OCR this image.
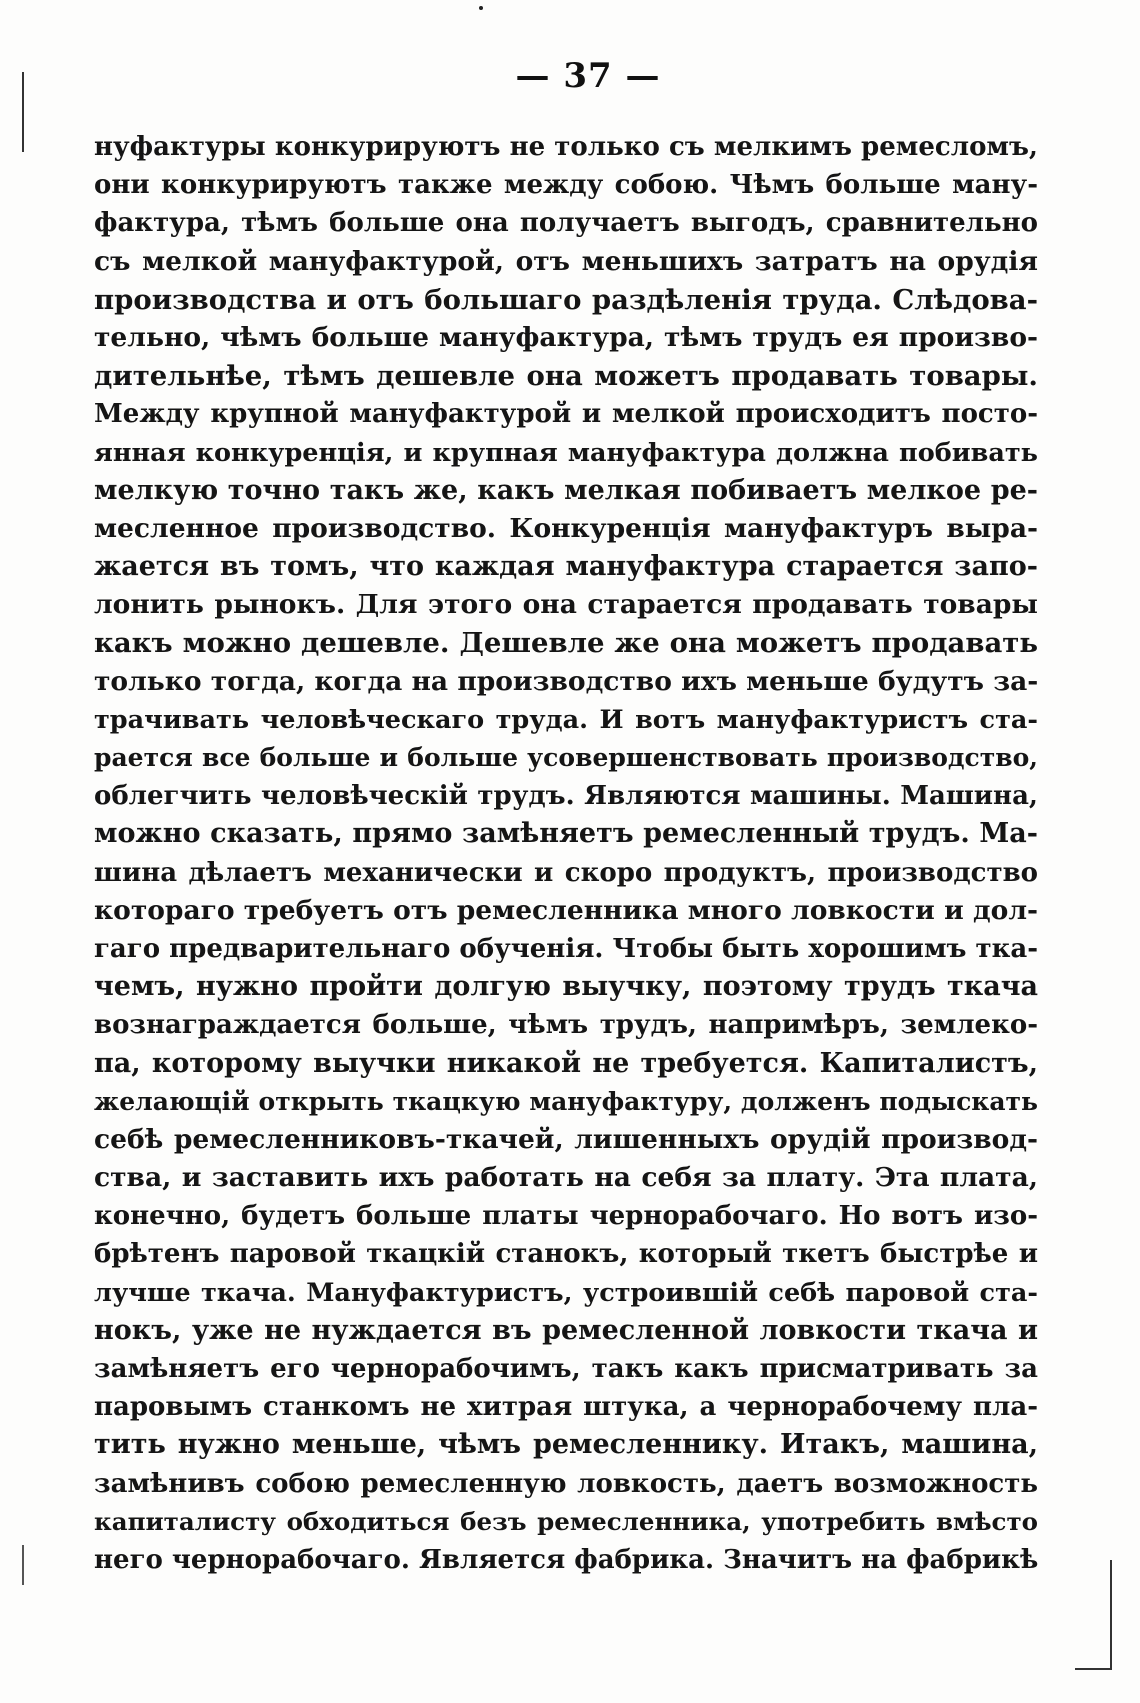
— 37 —
нуфактуры конкурируютъ не только съ мелкимъ ремесломъ,
они конкурируютъ также между собою. Чѣмъ больше ману-
фактура, тѣмъ больше она получаетъ выгодъ, сравнительно
съ мелкой мануфактурой, отъ меньшихъ затратъ на орудія
производства и отъ большаго раздѣленія труда. Слѣдова-
тельно, чѣмъ больше мануфактура, тѣмъ трудъ ея произво-
дительнѣе, тѣмъ дешевле она можетъ продавать товары.
Между крупной мануфактурой и мелкой происходитъ посто-
янная конкуренція, и крупная мануфактура должна побивать
мелкую точно такъ же, какъ мелкая побиваетъ мелкое ре-
месленное производство. Конкуренція мануфактуръ выра-
жается въ томъ, что каждая мануфактура старается запо-
лонить рынокъ. Для этого она старается продавать товары
какъ можно дешевле. Дешевле же она можетъ продавать
только тогда, когда на производство ихъ меньше будутъ за-
трачивать человѣческаго труда. И вотъ мануфактуристъ ста-
рается все больше и больше усовершенствовать производство,
облегчить человѣческій трудъ. Являются машины. Машина,
можно сказать, прямо замѣняетъ ремесленный трудъ. Ма-
шина дѣлаетъ механически и скоро продуктъ, производство
котораго требуетъ отъ ремесленника много ловкости и дол-
гаго предварительнаго обученія. Чтобы быть хорошимъ тка-
чемъ, нужно пройти долгую выучку, поэтому трудъ ткача
вознаграждается больше, чѣмъ трудъ, напримѣръ, землеко-
па, которому выучки никакой не требуется. Капиталистъ,
желающій открыть ткацкую мануфактуру, долженъ подыскать
себѣ ремесленниковъ-ткачей, лишенныхъ орудій производ-
ства, и заставить ихъ работать на себя за плату. Эта плата,
конечно, будетъ больше платы чернорабочаго. Но вотъ изо-
брѣтенъ паровой ткацкій станокъ, который ткетъ быстрѣе и
лучше ткача. Мануфактуристъ, устроившій себѣ паровой ста-
нокъ, уже не нуждается въ ремесленной ловкости ткача и
замѣняетъ его чернорабочимъ, такъ какъ присматривать за
паровымъ станкомъ не хитрая штука, а чернорабочему пла-
тить нужно меньше, чѣмъ ремесленнику. Итакъ, машина,
замѣнивъ собою ремесленную ловкость, даетъ возможность
капиталисту обходиться безъ ремесленника, употребить вмѣсто
него чернорабочаго. Является фабрика. Значитъ на фабрикѣ
